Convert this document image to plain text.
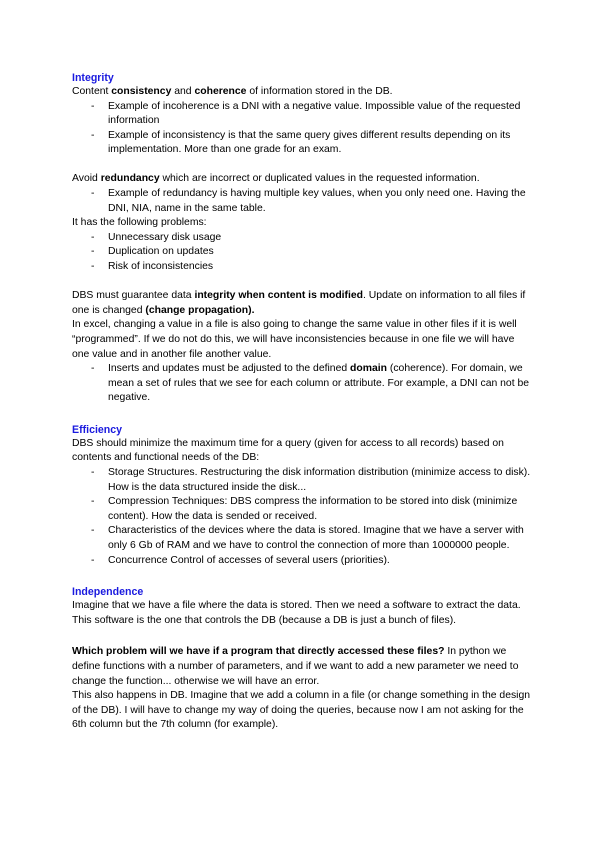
Integrity

Content consistency and coherence of information stored in the DB.

- Example of incoherence is a DNI with a negative value. Impossible value of the requested information
- Example of inconsistency is that the same query gives different results depending on its implementation. More than one grade for an exam.

Avoid redundancy which are incorrect or duplicated values in the requested information.

- Example of redundancy is having multiple key values, when you only need one. Having the DNI, NIA, name in the same table.

It has the following problems:

- Unnecessary disk usage
- Duplication on updates
- Risk of inconsistencies

DBS must guarantee data integrity when content is modified. Update on information to all files if one is changed (change propagation).

In excel, changing a value in a file is also going to change the same value in other files if it is well “programmed”. If we do not do this, we will have inconsistencies because in one file we will have one value and in another file another value.

- Inserts and updates must be adjusted to the defined domain (coherence). For domain, we mean a set of rules that we see for each column or attribute. For example, a DNI can not be negative.
Efficiency

DBS should minimize the maximum time for a query (given for access to all records) based on contents and functional needs of the DB:

- Storage Structures. Restructuring the disk information distribution (minimize access to disk). How is the data structured inside the disk...
- Compression Techniques: DBS compress the information to be stored into disk (minimize content). How the data is sended or received.
- Characteristics of the devices where the data is stored. Imagine that we have a server with only 6 Gb of RAM and we have to control the connection of more than 1000000 people.
- Concurrence Control of accesses of several users (priorities).
Independence

Imagine that we have a file where the data is stored. Then we need a software to extract the data. This software is the one that controls the DB (because a DB is just a bunch of files).

Which problem will we have if a program that directly accessed these files? In python we define functions with a number of parameters, and if we want to add a new parameter we need to change the function... otherwise we will have an error.

This also happens in DB. Imagine that we add a column in a file (or change something in the design of the DB). I will have to change my way of doing the queries, because now I am not asking for the 6th column but the 7th column (for example).
